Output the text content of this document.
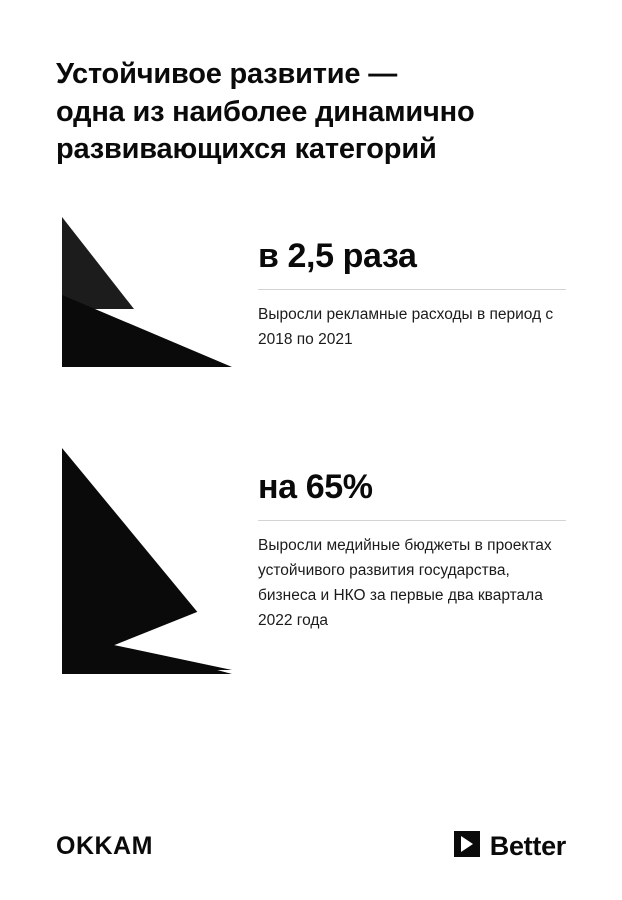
Устойчивое развитие —
одна из наиболее динамично
развивающихся категорий
в 2,5 раза
Выросли рекламные расходы в период с 2018 по 2021
на 65%
Выросли медийные бюджеты в проектах устойчивого развития государства, бизнеса и НКО за первые два квартала 2022 года
OKKAM	Better
